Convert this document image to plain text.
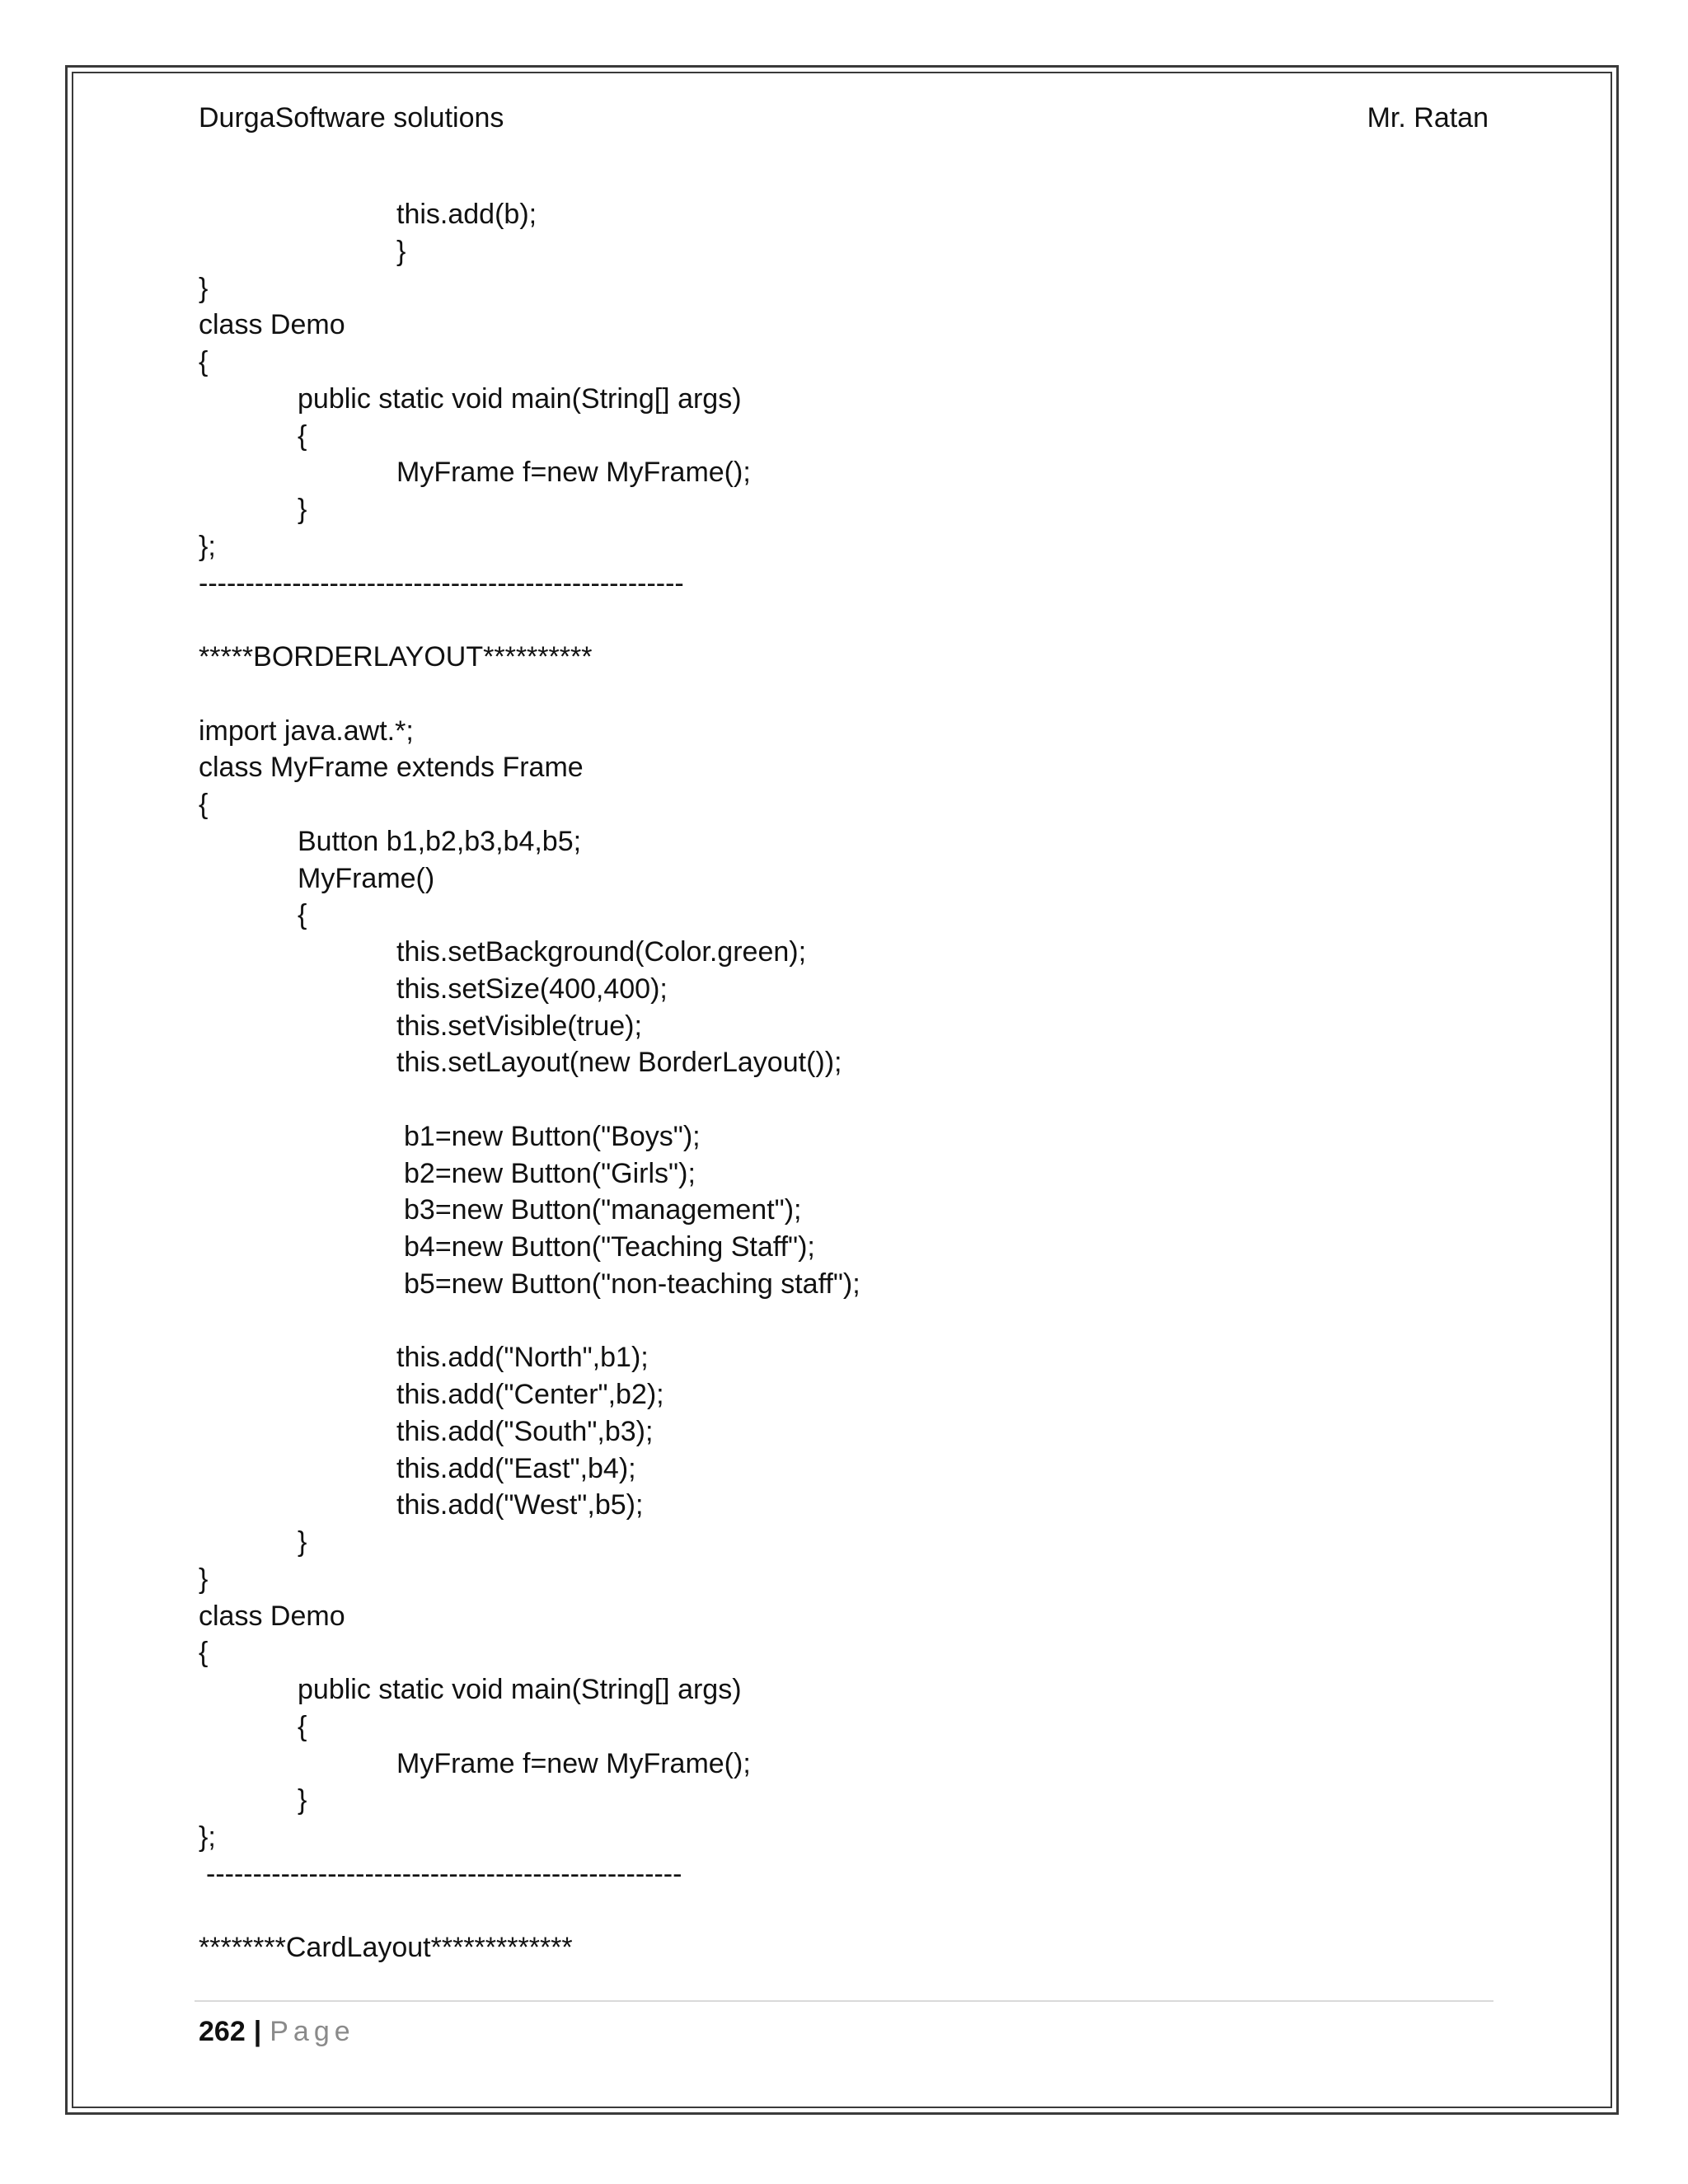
DurgaSoftware solutions	Mr. Ratan
this.add(b);
}
}
class Demo
{
public static void main(String[] args)
{
MyFrame f=new MyFrame();
}
};
----------------------------------------------------
*****BORDERLAYOUT**********
import java.awt.*;
class MyFrame extends Frame
{
Button b1,b2,b3,b4,b5;
MyFrame()
{
this.setBackground(Color.green);
this.setSize(400,400);
this.setVisible(true);
this.setLayout(new BorderLayout());
b1=new Button("Boys");
b2=new Button("Girls");
b3=new Button("management");
b4=new Button("Teaching Staff");
b5=new Button("non-teaching staff");
this.add("North",b1);
this.add("Center",b2);
this.add("South",b3);
this.add("East",b4);
this.add("West",b5);
}
}
class Demo
{
public static void main(String[] args)
{
MyFrame f=new MyFrame();
}
};
---------------------------------------------------
********CardLayout*************
262 | Page
